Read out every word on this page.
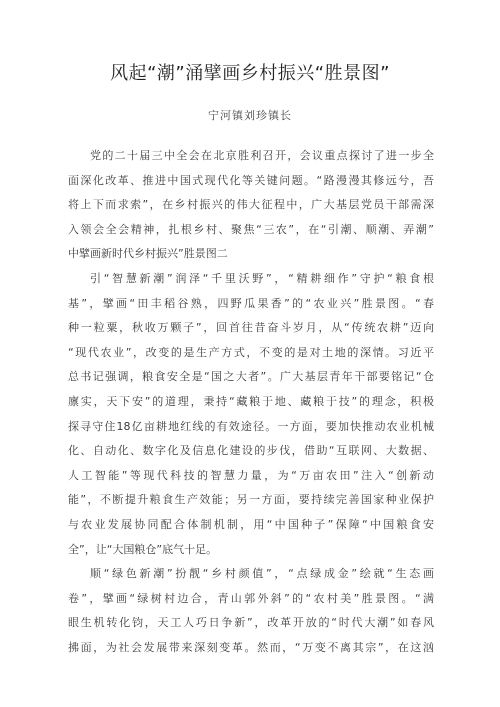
风起“潮”涌擘画乡村振兴“胜景图”
宁河镇刘珍镇长
党的二十届三中全会在北京胜利召开，会议重点探讨了进一步全
面深化改革、推进中国式现代化等关键问题。“路漫漫其修远兮，吾
将上下而求索”，在乡村振兴的伟大征程中，广大基层党员干部需深
入领会全会精神，扎根乡村、聚焦“三农”，在“引潮、顺潮、弄潮”
中擘画新时代乡村振兴”胜景图二
引“智慧新潮”润泽“千里沃野”，“精耕细作”守护“粮食根
基”，擘画“田丰稻谷熟，四野瓜果香”的“农业兴”胜景图。“春
种一粒粟，秋收万颗子”，回首往昔奋斗岁月，从“传统农耕”迈向
“现代农业”，改变的是生产方式，不变的是对土地的深情。习近平
总书记强调，粮食安全是“国之大者”。广大基层青年干部要铭记“仓
廪实，天下安”的道理，秉持“藏粮于地、藏粮于技”的理念，积极
探寻守住18亿亩耕地红线的有效途径。一方面，要加快推动农业机械
化、自动化、数字化及信息化建设的步伐，借助“互联网、大数据、
人工智能”等现代科技的智慧力量，为“万亩农田”注入“创新动
能”，不断提升粮食生产效能；另一方面，要持续完善国家种业保护
与农业发展协同配合体制机制，用“中国种子”保障“中国粮食安
全”，让“大国粮仓”底气十足。
顺“绿色新潮”扮靓“乡村颜值”，“点绿成金”绘就“生态画
卷”，擘画“绿树村边合，青山郭外斜”的“农村美”胜景图。“满
眼生机转化钧，天工人巧日争新”，改革开放的“时代大潮”如春风
拂面，为社会发展带来深刻变革。然而，“万变不离其宗”，在这汹
